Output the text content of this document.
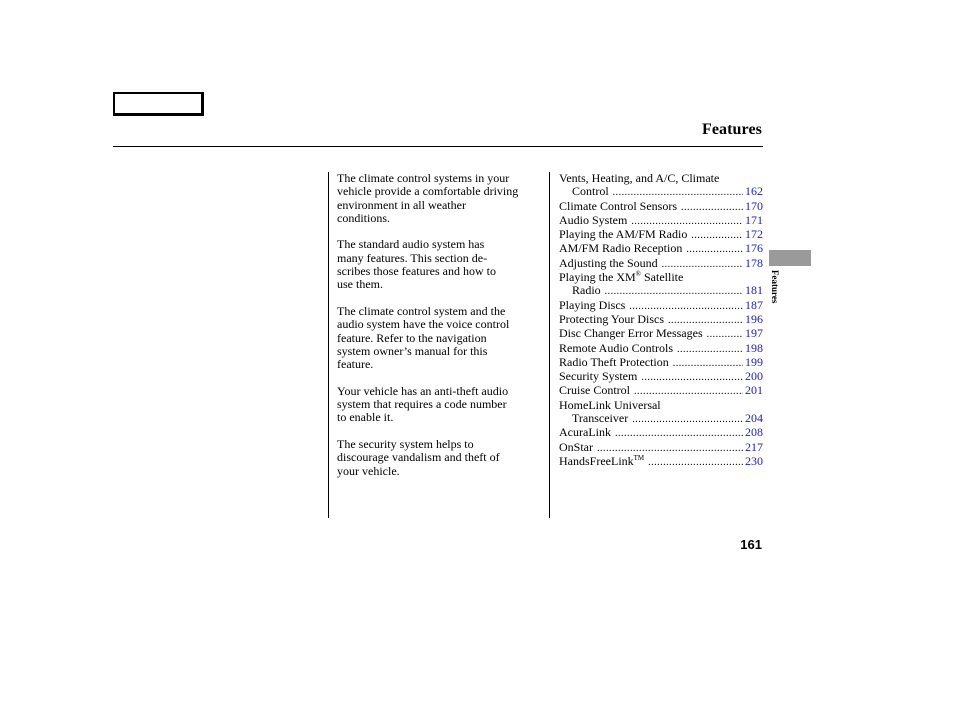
Features

The climate control systems in your
vehicle provide a comfortable driving
environment in all weather
conditions.

The standard audio system has
many features. This section de-
scribes those features and how to
use them.

The climate control system and the
audio system have the voice control
feature. Refer to the navigation
system owner’s manual for this
feature.

Your vehicle has an anti-theft audio
system that requires a code number
to enable it.

The security system helps to
discourage vandalism and theft of
your vehicle.

Vents, Heating, and A/C, Climate
Control .....	162
Climate Control Sensors .....	170
Audio System .....	171
Playing the AM/FM Radio .....	172
AM/FM Radio Reception .....	176
Adjusting the Sound .....	178
Playing the XM® Satellite
Radio .....	181
Playing Discs .....	187
Protecting Your Discs .....	196
Disc Changer Error Messages .....	197
Remote Audio Controls .....	198
Radio Theft Protection .....	199
Security System .....	200
Cruise Control .....	201
HomeLink Universal
Transceiver .....	204
AcuraLink .....	208
OnStar .....	217
HandsFreeLink™ .....	230
Features
161
